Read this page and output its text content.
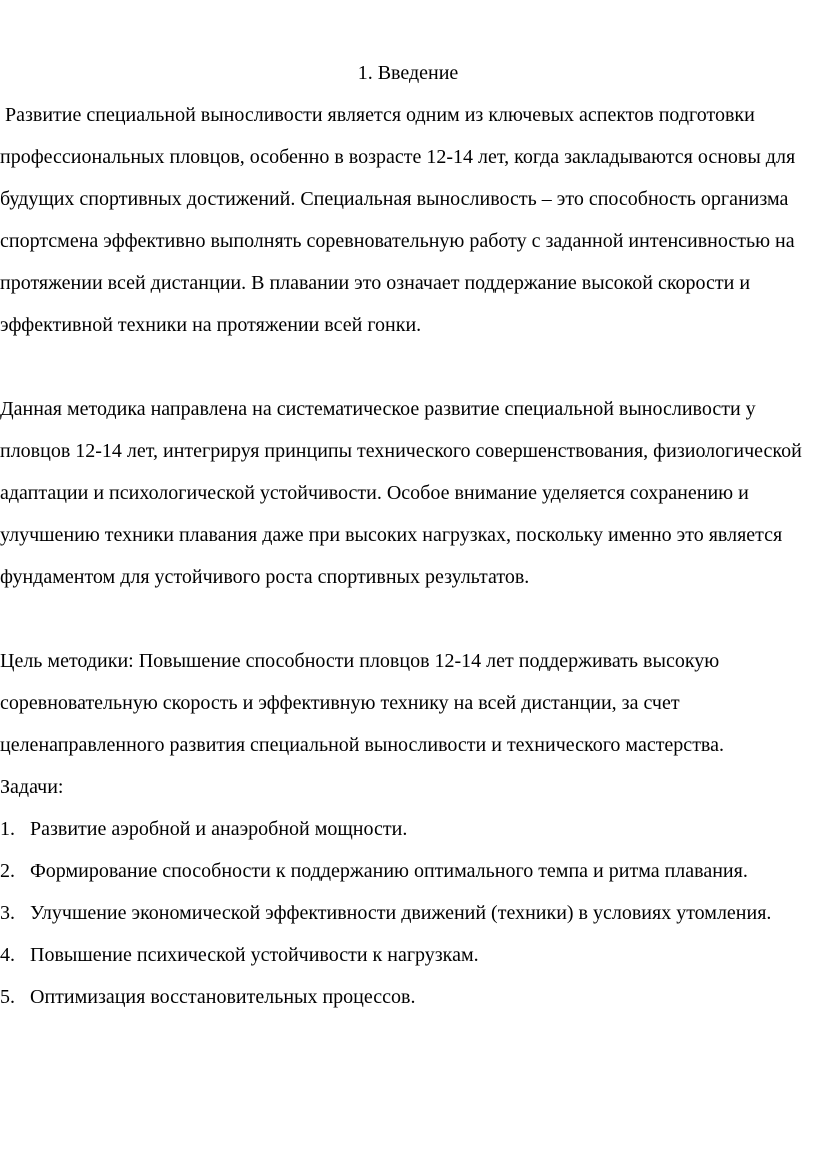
1. Введение

Развитие специальной выносливости является одним из ключевых аспектов подготовки профессиональных пловцов, особенно в возрасте 12-14 лет, когда закладываются основы для будущих спортивных достижений. Специальная выносливость – это способность организма спортсмена эффективно выполнять соревновательную работу с заданной интенсивностью на протяжении всей дистанции. В плавании это означает поддержание высокой скорости и эффективной техники на протяжении всей гонки.

Данная методика направлена на систематическое развитие специальной выносливости у пловцов 12-14 лет, интегрируя принципы технического совершенствования, физиологической адаптации и психологической устойчивости. Особое внимание уделяется сохранению и улучшению техники плавания даже при высоких нагрузках, поскольку именно это является фундаментом для устойчивого роста спортивных результатов.

Цель методики: Повышение способности пловцов 12-14 лет поддерживать высокую соревновательную скорость и эффективную технику на всей дистанции, за счет целенаправленного развития специальной выносливости и технического мастерства.

Задачи:

1. Развитие аэробной и анаэробной мощности.
2. Формирование способности к поддержанию оптимального темпа и ритма плавания.
3. Улучшение экономической эффективности движений (техники) в условиях утомления.
4. Повышение психической устойчивости к нагрузкам.
5. Оптимизация восстановительных процессов.
